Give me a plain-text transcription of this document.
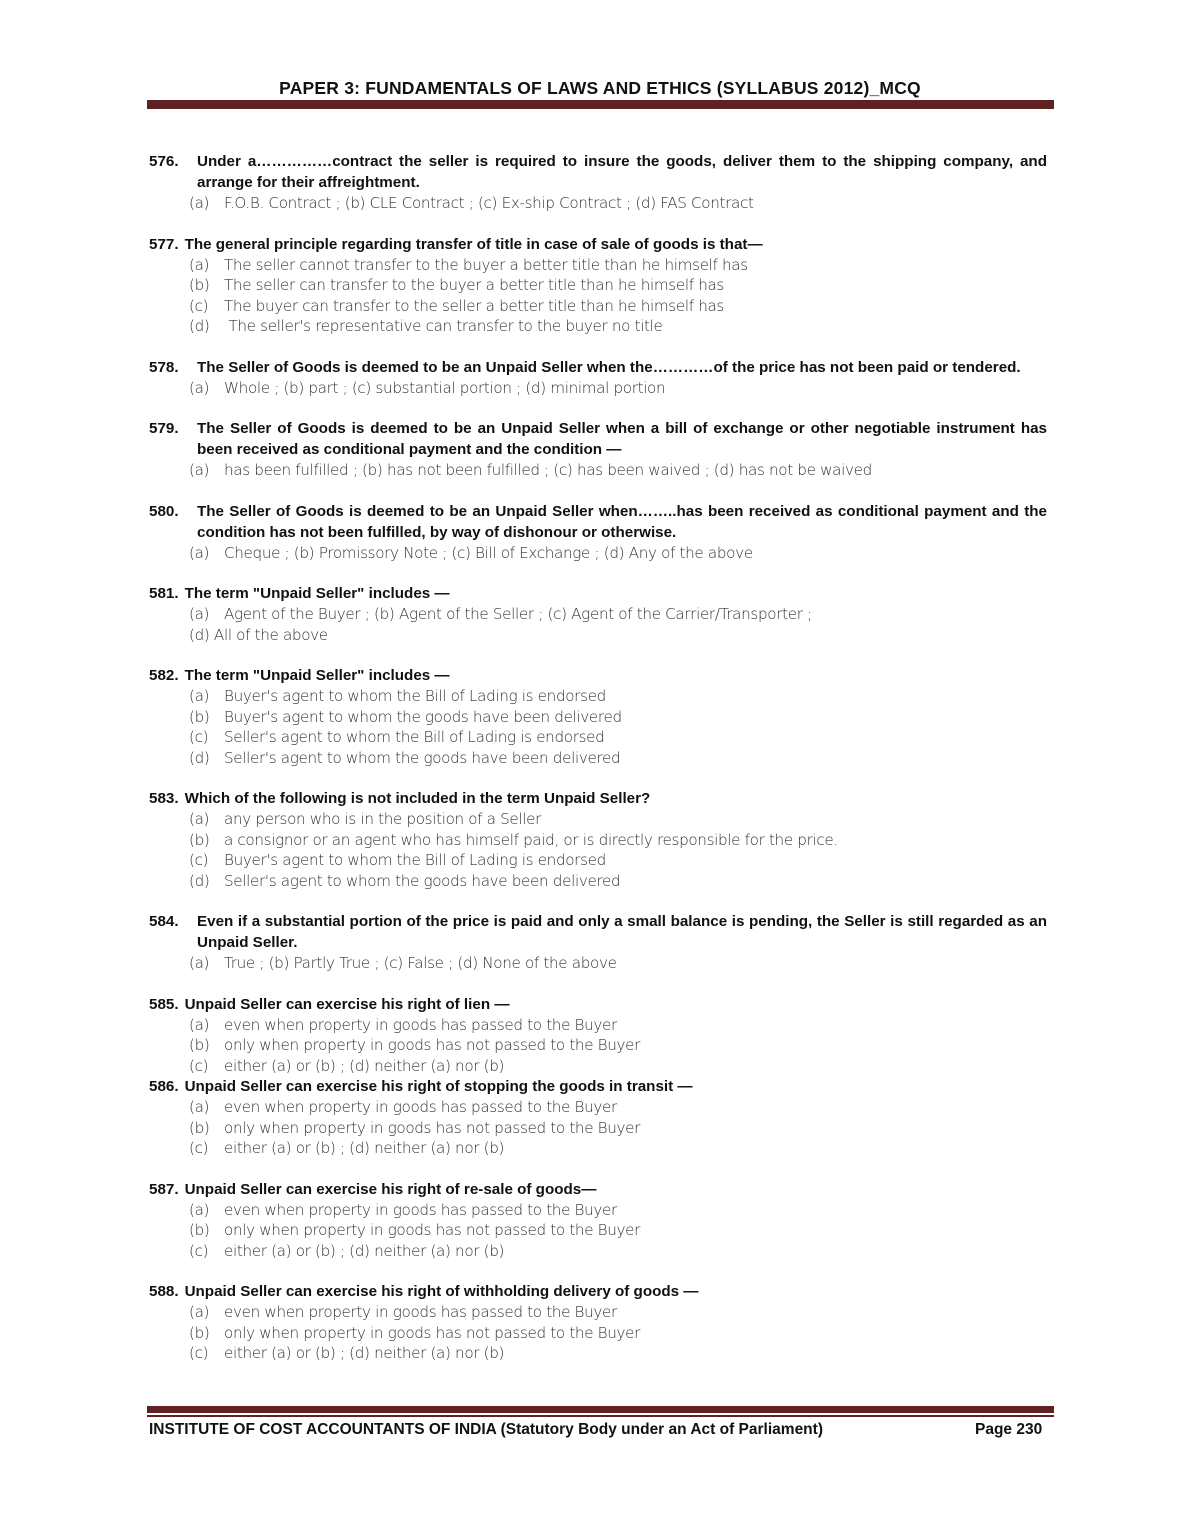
PAPER 3: FUNDAMENTALS OF LAWS AND ETHICS (SYLLABUS 2012)_MCQ
576. Under a……………contract the seller is required to insure the goods, deliver them to the shipping company, and arrange for their affreightment.
(a) F.O.B. Contract ; (b) CLE Contract ; (c) Ex-ship Contract ; (d) FAS Contract
577. The general principle regarding transfer of title in case of sale of goods is that—
(a) The seller cannot transfer to the buyer a better title than he himself has
(b) The seller can transfer to the buyer a better title than he himself has
(c) The buyer can transfer to the seller a better title than he himself has
(d) The seller's representative can transfer to the buyer no title
578. The Seller of Goods is deemed to be an Unpaid Seller when the…………of the price has not been paid or tendered.
(a) Whole ; (b) part ; (c) substantial portion ; (d) minimal portion
579. The Seller of Goods is deemed to be an Unpaid Seller when a bill of exchange or other negotiable instrument has been received as conditional payment and the condition —
(a) has been fulfilled ; (b) has not been fulfilled ; (c) has been waived ; (d) has not be waived
580. The Seller of Goods is deemed to be an Unpaid Seller when……..has been received as conditional payment and the condition has not been fulfilled, by way of dishonour or otherwise.
(a) Cheque ; (b) Promissory Note ; (c) Bill of Exchange ; (d) Any of the above
581. The term "Unpaid Seller" includes —
(a) Agent of the Buyer ; (b) Agent of the Seller ; (c) Agent of the Carrier/Transporter ;
(d) All of the above
582. The term "Unpaid Seller" includes —
(a) Buyer's agent to whom the Bill of Lading is endorsed
(b) Buyer's agent to whom the goods have been delivered
(c) Seller's agent to whom the Bill of Lading is endorsed
(d) Seller's agent to whom the goods have been delivered
583. Which of the following is not included in the term Unpaid Seller?
(a) any person who is in the position of a Seller
(b) a consignor or an agent who has himself paid, or is directly responsible for the price.
(c) Buyer's agent to whom the Bill of Lading is endorsed
(d) Seller's agent to whom the goods have been delivered
584. Even if a substantial portion of the price is paid and only a small balance is pending, the Seller is still regarded as an Unpaid Seller.
(a) True ; (b) Partly True ; (c) False ; (d) None of the above
585. Unpaid Seller can exercise his right of lien —
(a) even when property in goods has passed to the Buyer
(b) only when property in goods has not passed to the Buyer
(c) either (a) or (b) ; (d) neither (a) nor (b)
586. Unpaid Seller can exercise his right of stopping the goods in transit —
(a) even when property in goods has passed to the Buyer
(b) only when property in goods has not passed to the Buyer
(c) either (a) or (b) ; (d) neither (a) nor (b)
587. Unpaid Seller can exercise his right of re-sale of goods—
(a) even when property in goods has passed to the Buyer
(b) only when property in goods has not passed to the Buyer
(c) either (a) or (b) ; (d) neither (a) nor (b)
588. Unpaid Seller can exercise his right of withholding delivery of goods —
(a) even when property in goods has passed to the Buyer
(b) only when property in goods has not passed to the Buyer
(c) either (a) or (b) ; (d) neither (a) nor (b)
INSTITUTE OF COST ACCOUNTANTS OF INDIA (Statutory Body under an Act of Parliament)	Page 230
